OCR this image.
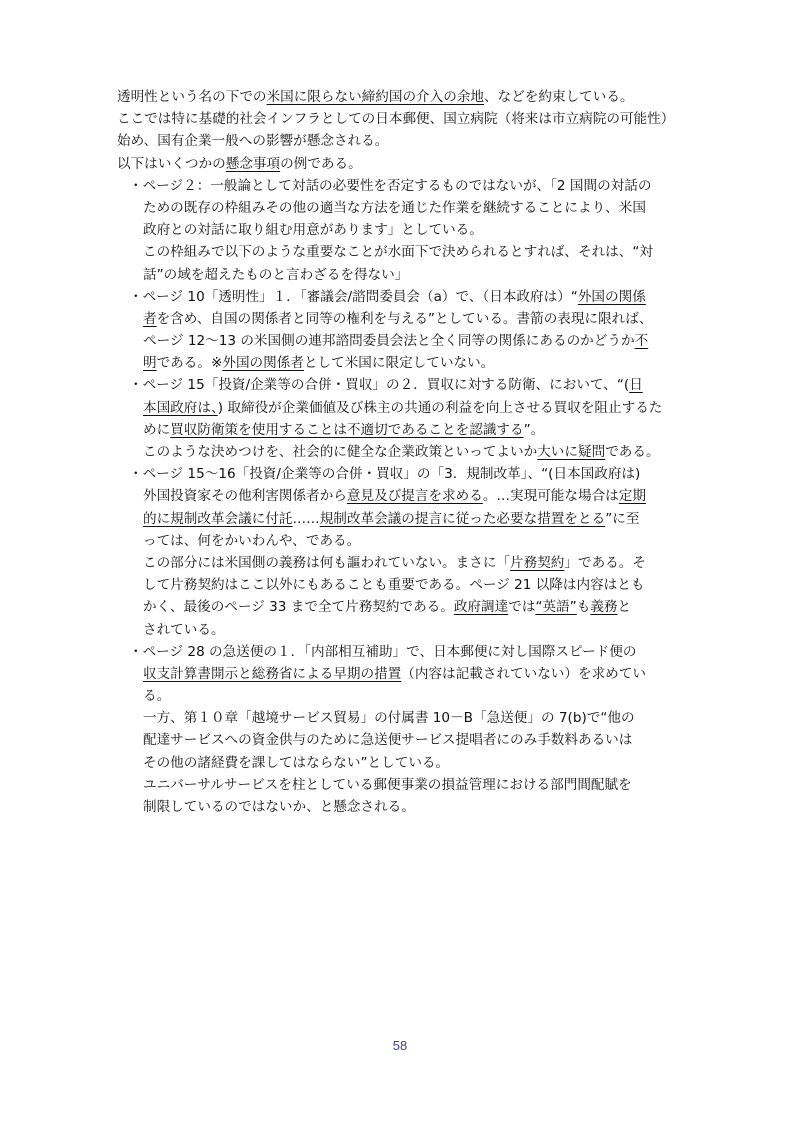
透明性という名の下での米国に限らない締約国の介入の余地、などを約束している。
ここでは特に基礎的社会インフラとしての日本郵便、国立病院（将来は市立病院の可能性）
始め、国有企業一般への影響が懸念される。
以下はいくつかの懸念事項の例である。
・ページ２：一般論として対話の必要性を否定するものではないが、「2 国間の対話の
ための既存の枠組みその他の適当な方法を通じた作業を継続することにより、米国
政府との対話に取り組む用意があります」としている。
この枠組みで以下のような重要なことが水面下で決められるとすれば、それは、“対
話”の域を超えたものと言わざるを得ない」
・ページ 10「透明性」１．「審議会/諮問委員会（a）で、（日本政府は）“外国の関係
者を含め、自国の関係者と同等の権利を与える”としている。書箭の表現に限れば、
ページ 12～13 の米国側の連邦諮問委員会法と全く同等の関係にあるのかどうか不
明である。※外国の関係者として米国に限定していない。
・ページ 15「投資/企業等の合併・買収」の２．買収に対する防衛、において、“(日
本国政府は、) 取締役が企業価値及び株主の共通の利益を向上させる買収を阻止するた
めに買収防衛策を使用することは不適切であることを認識する”。
このような決めつけを、社会的に健全な企業政策といってよいか大いに疑問である。
・ページ 15～16「投資/企業等の合併・買収」の「3．規制改革」、“(日本国政府は)
外国投資家その他利害関係者から意見及び提言を求める。…実現可能な場合は定期
的に規制改革会議に付託……規制改革会議の提言に従った必要な措置をとる”に至
っては、何をかいわんや、である。
この部分には米国側の義務は何も謳われていない。まさに「片務契約」である。そ
して片務契約はここ以外にもあることも重要である。ページ 21 以降は内容はとも
かく、最後のページ 33 まで全て片務契約である。政府調達では“英語”も義務と
されている。
・ページ 28 の急送便の１．「内部相互補助」で、日本郵便に対し国際スピード便の
収支計算書開示と総務省による早期の措置（内容は記載されていない）を求めてい
る。
一方、第１０章「越境サービス貿易」の付属書 10－B「急送便」の 7(b)で“他の
配達サービスへの資金供与のために急送便サービス提唱者にのみ手数料あるいは
その他の諸経費を課してはならない”としている。
ユニバーサルサービスを柱としている郵便事業の損益管理における部門間配賦を
制限しているのではないか、と懸念される。
58
